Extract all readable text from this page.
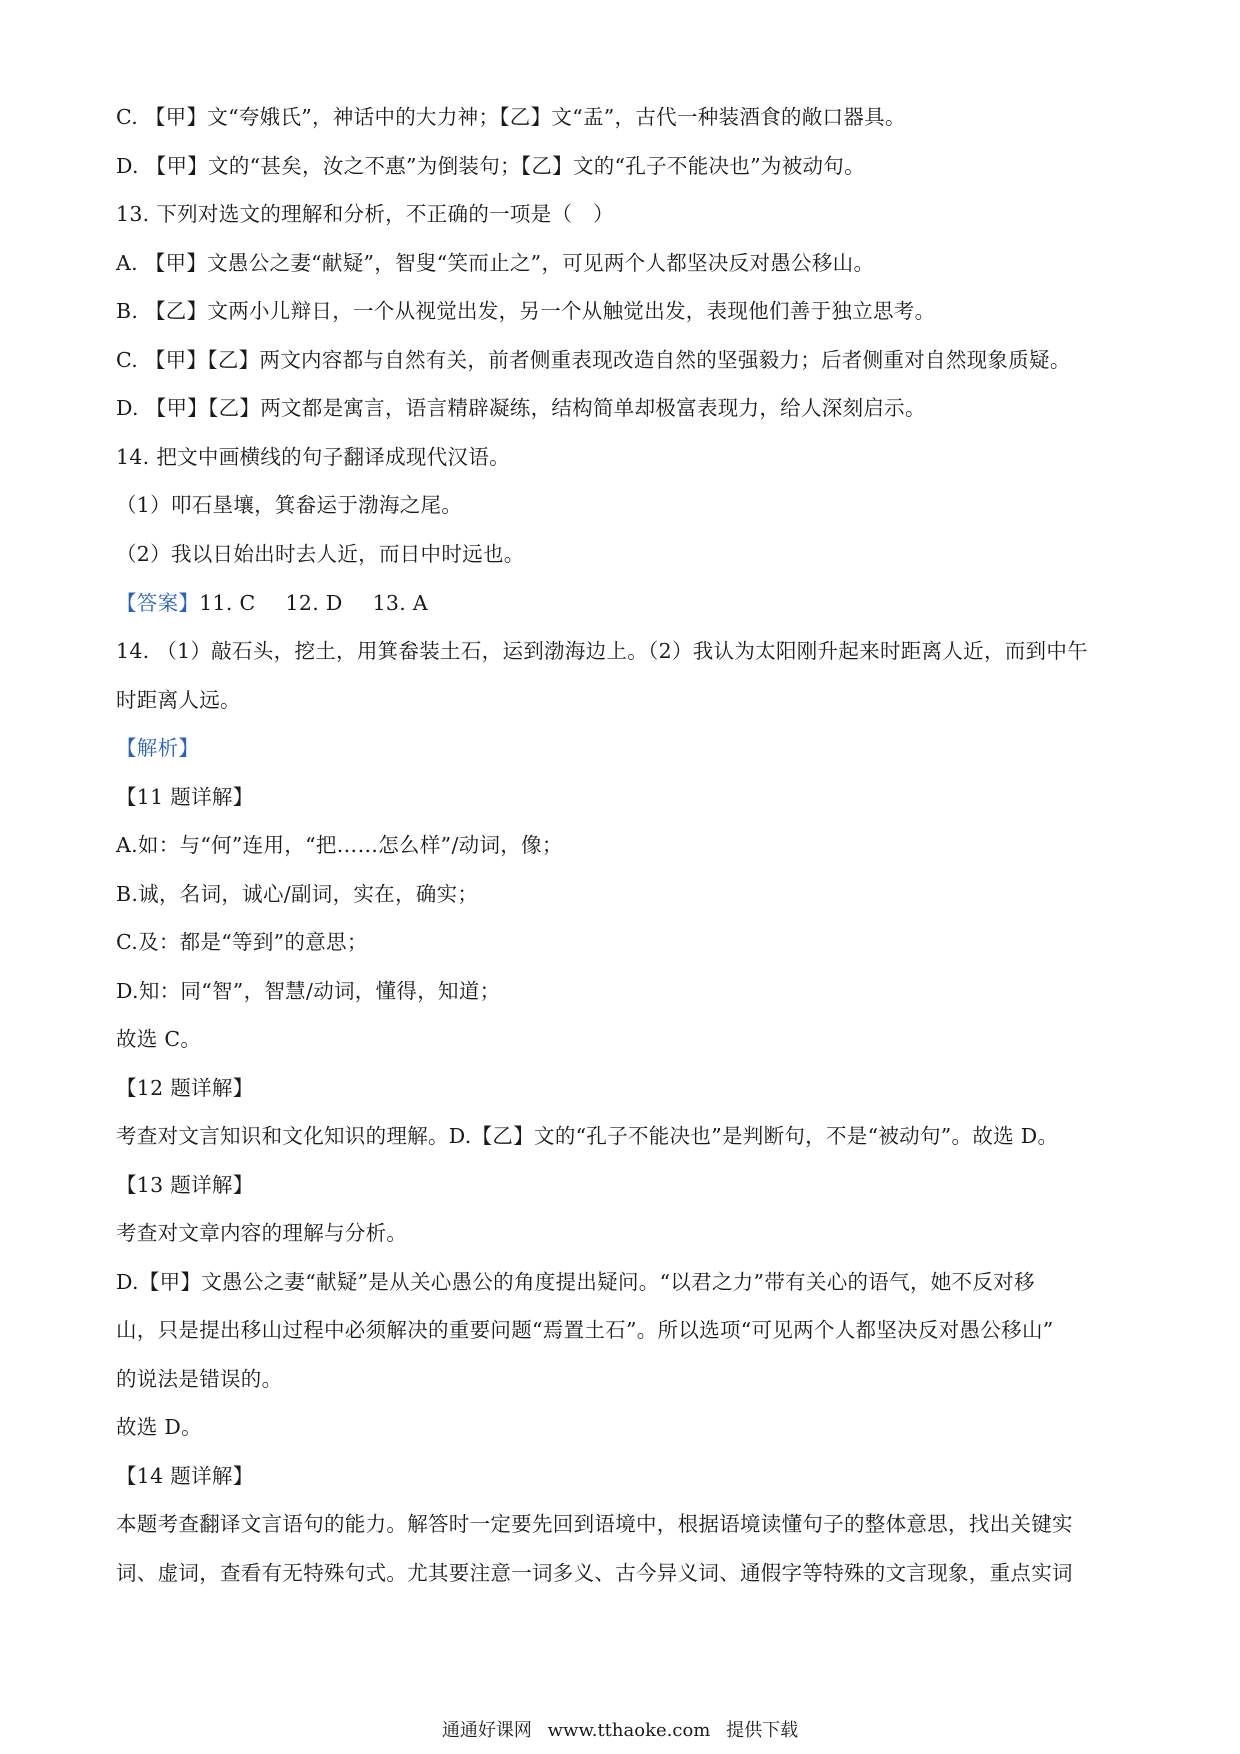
C. 【甲】文“夸娥氏”，神话中的大力神；【乙】文“盂”，古代一种装酒食的敞口器具。
D. 【甲】文的“甚矣，汝之不惠”为倒装句；【乙】文的“孔子不能决也”为被动句。
13. 下列对选文的理解和分析，不正确的一项是（　）
A. 【甲】文愚公之妻“献疑”，智叟“笑而止之”，可见两个人都坚决反对愚公移山。
B. 【乙】文两小儿辩日，一个从视觉出发，另一个从触觉出发，表现他们善于独立思考。
C. 【甲】【乙】两文内容都与自然有关，前者侧重表现改造自然的坚强毅力；后者侧重对自然现象质疑。
D. 【甲】【乙】两文都是寓言，语言精辟凝练，结构简单却极富表现力，给人深刻启示。
14. 把文中画横线的句子翻译成现代汉语。
（1）叩石垦壤，箕畚运于渤海之尾。
（2）我以日始出时去人近，而日中时远也。
【答案】11. C 12. D 13. A
14. （1）敲石头，挖土，用箕畚装土石，运到渤海边上。（2）我认为太阳刚升起来时距离人近，而到中午
时距离人远。
【解析】
【11 题详解】
A.如：与“何”连用，“把……怎么样”/动词，像；
B.诚，名词，诚心/副词，实在，确实；
C.及：都是“等到”的意思；
D.知：同“智”，智慧/动词，懂得，知道；
故选 C。
【12 题详解】
考查对文言知识和文化知识的理解。D.【乙】文的“孔子不能决也”是判断句，不是“被动句”。故选 D。
【13 题详解】
考查对文章内容的理解与分析。
D.【甲】文愚公之妻“献疑”是从关心愚公的角度提出疑问。“以君之力”带有关心的语气，她不反对移
山，只是提出移山过程中必须解决的重要问题“焉置土石”。所以选项“可见两个人都坚决反对愚公移山”
的说法是错误的。
故选 D。
【14 题详解】
本题考查翻译文言语句的能力。解答时一定要先回到语境中，根据语境读懂句子的整体意思，找出关键实
词、虚词，查看有无特殊句式。尤其要注意一词多义、古今异义词、通假字等特殊的文言现象，重点实词
通通好课网 www.tthaoke.com 提供下载
